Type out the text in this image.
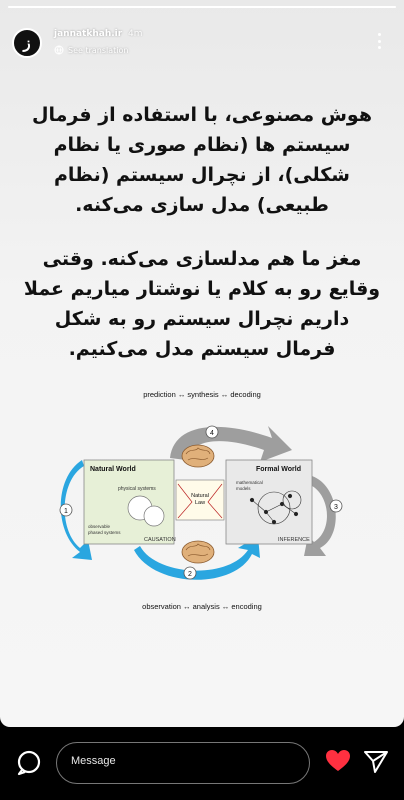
ز	jannatkhah.ir 4m
See translation
هوش مصنوعی، با استفاده از فرمال سیستم ها (نظام صوری یا نظام شکلی)، از نچرال سیستم (نظام طبیعی) مدل سازی می‌کنه.
مغز ما هم مدلسازی می‌کنه. وقتی وقایع رو به کلام یا نوشتار میاریم عملا داریم نچرال سیستم رو به شکل فرمال سیستم مدل می‌کنیم.
prediction ↔ synthesis ↔ decoding
observation ↔ analysis ↔ encoding
4
1
2
3
Natural World
physical systems
observable
phased systems
CAUSATION
Natural
Law
Formal World
mathematical
models
INFERENCE
Message
